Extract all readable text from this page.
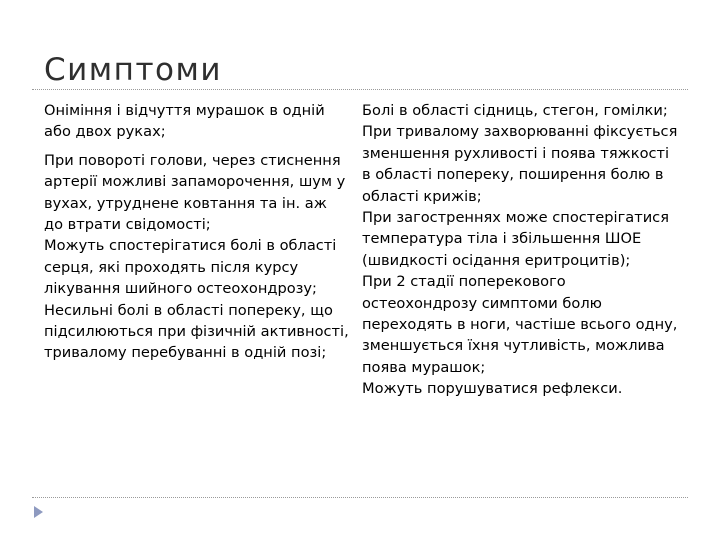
Симптоми

Оніміння і відчуття мурашок в одній або двох руках;

При повороті голови, через стиснення артерії можливі запаморочення, шум у вухах, утруднене ковтання та ін. аж до втрати свідомості;

Можуть спостерігатися болі в області серця, які проходять після курсу лікування шийного остеохондрозу;

Несильні болі в області попереку, що підсилюються при фізичній активності, тривалому перебуванні в одній позі;

Болі в області сідниць, стегон, гомілки;

При тривалому захворюванні фіксується зменшення рухливості і поява тяжкості в області попереку, поширення болю в області крижів;

При загостреннях може спостерігатися температура тіла і збільшення ШОЕ (швидкості осідання еритроцитів);

При 2 стадії поперекового остеохондрозу симптоми болю переходять в ноги, частіше всього одну, зменшується їхня чутливість, можлива поява мурашок;

Можуть порушуватися рефлекси.
